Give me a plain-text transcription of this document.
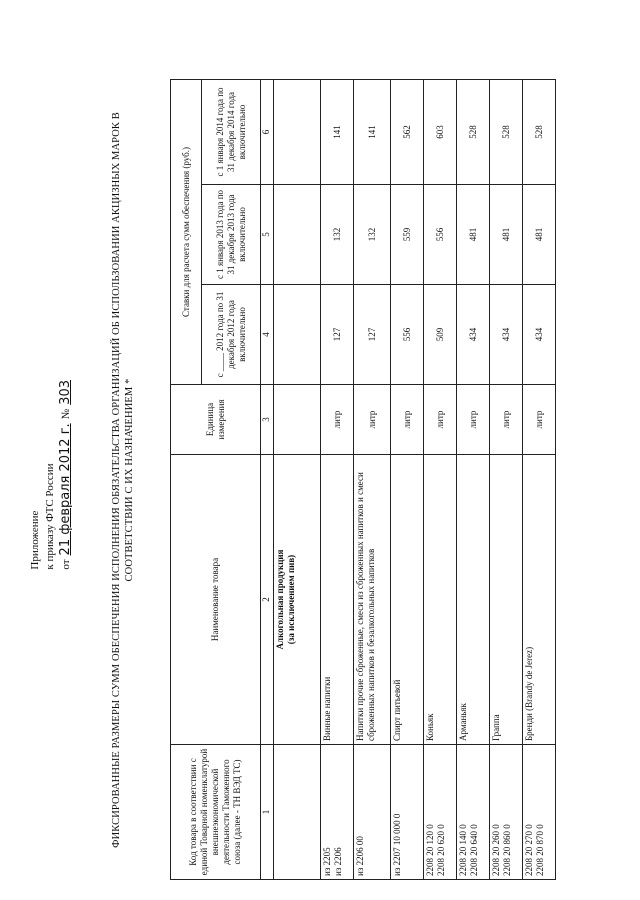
Приложение к приказу ФТС России от
21 февраля 2012 г.
№
303	ФИКСИРОВАННЫЕ РАЗМЕРЫ СУММ ОБЕСПЕЧЕНИЯ ИСПОЛНЕНИЯ ОБЯЗАТЕЛЬСТВА ОРГАНИЗАЦИЙ ОБ ИСПОЛЬЗОВАНИИ АКЦИЗНЫХ МАРОК В СООТВЕТСТВИИ С ИХ НАЗНАЧЕНИЕМ *
Код товара в соответствии с единой Товарной номенклатурой внешнеэкономической деятельности Таможенного союза (далее - ТН ВЭД ТС)	Наименование товара	Единица измерения	Ставки для расчета сумм обеспечения (руб.)		
			с ____ 2012 года по 31 декабря 2012 года включительно	с 1 января 2013 года по 31 декабря 2013 года включительно	с 1 января 2014 года по 31 декабря 2014 года включительно
1	2	3	4	5	6

	Алкогольная продукция (за исключением пив)				

из 2205
из 2206	Винные напитки	литр	127	132	141
из 2206 00	Напитки прочие сброженные, смеси из сброженных напитков и смеси сброженных напитков и безалкогольных напитков	литр	127	132	141
из 2207 10 000 0	Спирт питьевой	литр	556	559	562
2208 20 120 0
2208 20 620 0	Коньяк	литр	509	556	603
2208 20 140 0
2208 20 640 0	Арманьяк	литр	434	481	528
2208 20 260 0
2208 20 860 0	Граппа	литр	434	481	528
2208 20 270 0
2208 20 870 0	Бренди (Brandy de Jerez)	литр	434	481	528
